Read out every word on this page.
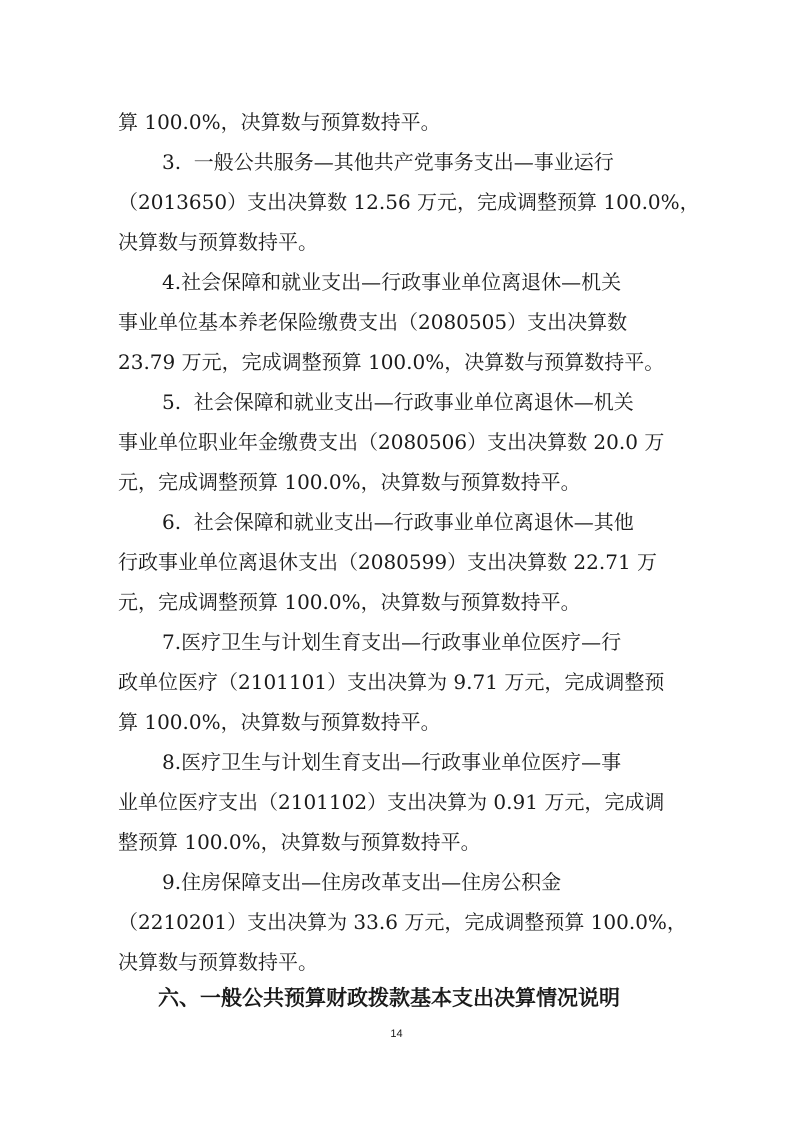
算 100.0%，决算数与预算数持平。
3.  一般公共服务—其他共产党事务支出—事业运行
（2013650）支出决算数 12.56 万元，完成调整预算 100.0%，
决算数与预算数持平。
4.社会保障和就业支出—行政事业单位离退休—机关
事业单位基本养老保险缴费支出（2080505）支出决算数
23.79 万元，完成调整预算 100.0%，决算数与预算数持平。
5.  社会保障和就业支出—行政事业单位离退休—机关
事业单位职业年金缴费支出（2080506）支出决算数 20.0 万
元，完成调整预算 100.0%，决算数与预算数持平。
6.  社会保障和就业支出—行政事业单位离退休—其他
行政事业单位离退休支出（2080599）支出决算数 22.71 万
元，完成调整预算 100.0%，决算数与预算数持平。
7.医疗卫生与计划生育支出—行政事业单位医疗—行
政单位医疗（2101101）支出决算为 9.71 万元，完成调整预
算 100.0%，决算数与预算数持平。
8.医疗卫生与计划生育支出—行政事业单位医疗—事
业单位医疗支出（2101102）支出决算为 0.91 万元，完成调
整预算 100.0%，决算数与预算数持平。
9.住房保障支出—住房改革支出—住房公积金
（2210201）支出决算为 33.6 万元，完成调整预算 100.0%，
决算数与预算数持平。
六、一般公共预算财政拨款基本支出决算情况说明
14
